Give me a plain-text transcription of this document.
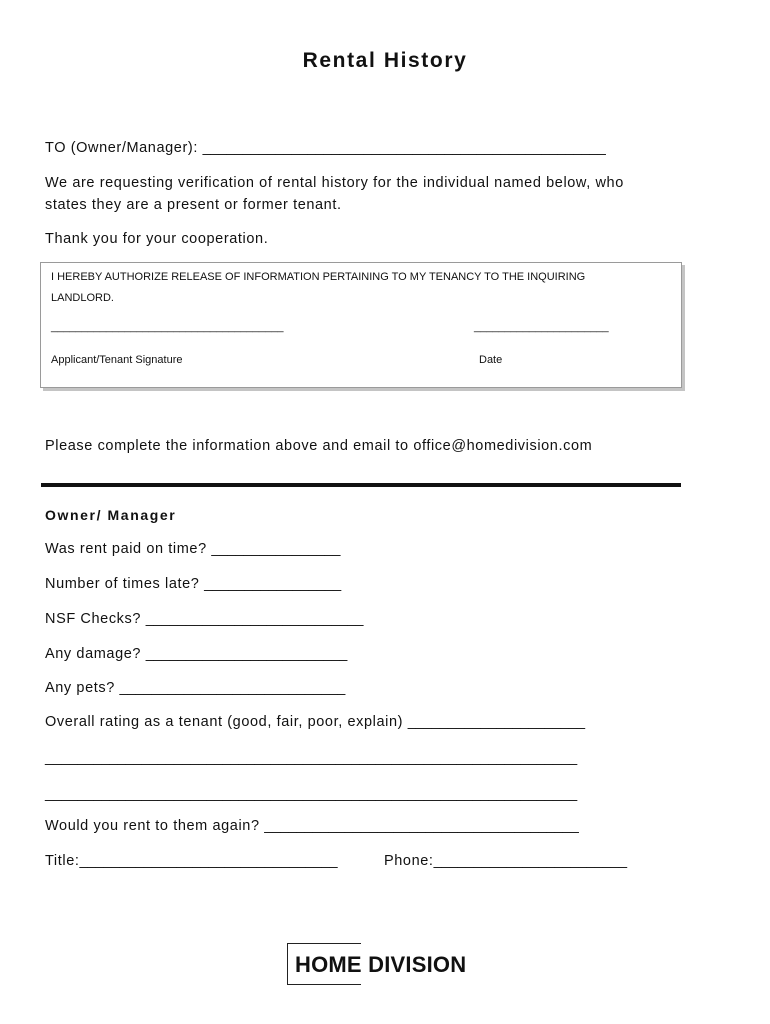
Rental History
TO (Owner/Manager): __________________________________________________
We are requesting verification of rental history for the individual named below, who
states they are a present or former tenant.
Thank you for your cooperation.
I HEREBY AUTHORIZE RELEASE OF INFORMATION PERTAINING TO MY TENANCY TO THE INQUIRING LANDLORD.
______________________________________	______________________
Applicant/Tenant Signature	Date
Please complete the information above and email to office@homedivision.com
Owner/ Manager
Was rent paid on time? ________________
Number of times late? _________________
NSF Checks? ___________________________
Any damage? _________________________
Any pets? ____________________________
Overall rating as a tenant (good, fair, poor, explain) ______________________
__________________________________________________________________
__________________________________________________________________
Would you rent to them again? _______________________________________
Title:________________________________	Phone:________________________
HOME DIVISION
